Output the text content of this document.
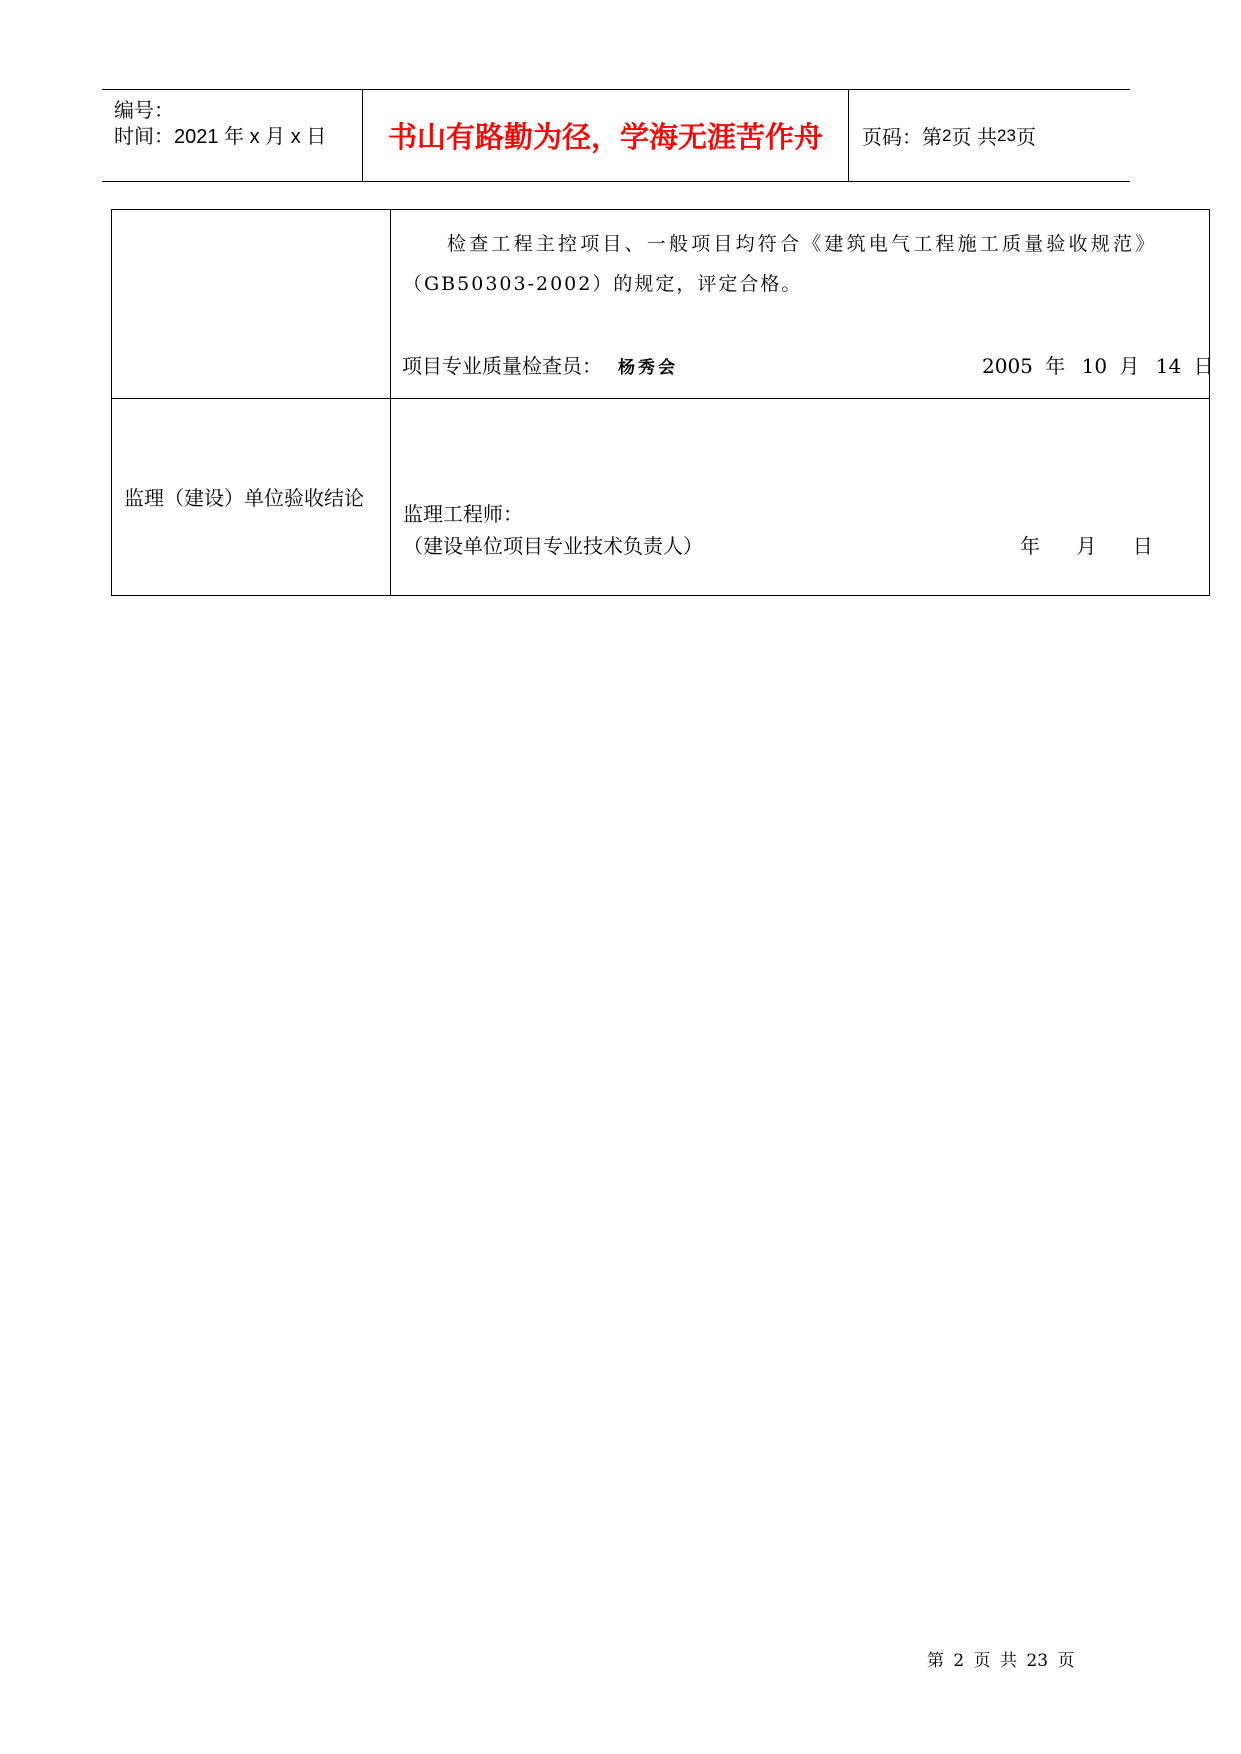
编号：
时间：2021 年 x 月 x 日	书山有路勤为径，学海无涯苦作舟	页码：第 2 页 共 23 页
检查工程主控项目、一般项目均符合《建筑电气工程施工质量验收规范》
（GB50303-2002）的规定，评定合格。
项目专业质量检查员： 杨秀会	2005 年 10 月 14 日
监理（建设）单位验收结论
监理工程师：
（建设单位项目专业技术负责人）	年 月 日
第 2 页 共 23 页
